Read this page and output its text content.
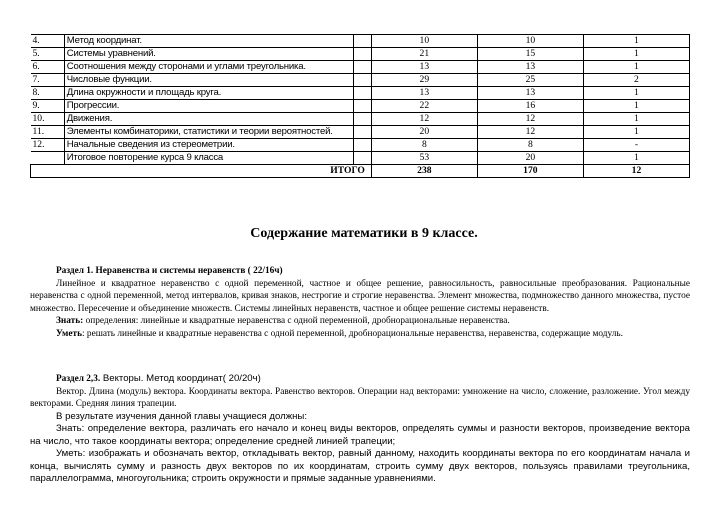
4.	Метод координат.		10	10	1
5.	Системы уравнений.		21	15	1
6.	Соотношения между сторонами и углами треугольника.		13	13	1
7.	Числовые функции.		29	25	2
8.	Длина окружности и площадь круга.		13	13	1
9.	Прогрессии.		22	16	1
10.	Движения.		12	12	1
11.	Элементы комбинаторики, статистики и теории вероятностей.		20	12	1
12.	Начальные сведения из стереометрии.		8	8	-
	Итоговое повторение курса 9 класса		53	20	1
ИТОГО			238	170	12
Содержание математики в 9 классе.

Раздел 1. Неравенства и системы неравенств ( 22/16ч)

Линейное и квадратное неравенство с одной переменной, частное и общее решение, равносильность, равносильные преобразования. Рациональные неравенства с одной переменной, метод интервалов, кривая знаков, нестрогие и строгие неравенства. Элемент множества, подмножество данного множества, пустое множество. Пересечение и объединение множеств. Системы линейных неравенств, частное и общее решение системы неравенств.

Знать: определения: линейные и квадратные неравенства с одной переменной, дробнорациональные неравенства.

Уметь: решать линейные и квадратные неравенства с одной переменной, дробнорациональные неравенства, неравенства, содержащие модуль.

Раздел 2,3. Векторы. Метод координат( 20/20ч)

Вектор. Длина (модуль) вектора. Координаты вектора. Равенство векторов. Операции над векторами: умножение на число, сложение, разложение. Угол между векторами. Средняя линия трапеции.

В результате изучения данной главы учащиеся должны:

Знать: определение вектора, различать его начало и конец виды векторов, определять суммы и разности векторов, произведение вектора на число, что такое координаты вектора; определение средней линией трапеции;

Уметь: изображать и обозначать вектор, откладывать вектор, равный данному, находить координаты вектора по его координатам начала и конца, вычислять сумму и разность двух векторов по их координатам, строить сумму двух векторов, пользуясь правилами треугольника, параллелограмма, многоугольника; строить окружности и прямые заданные уравнениями.
